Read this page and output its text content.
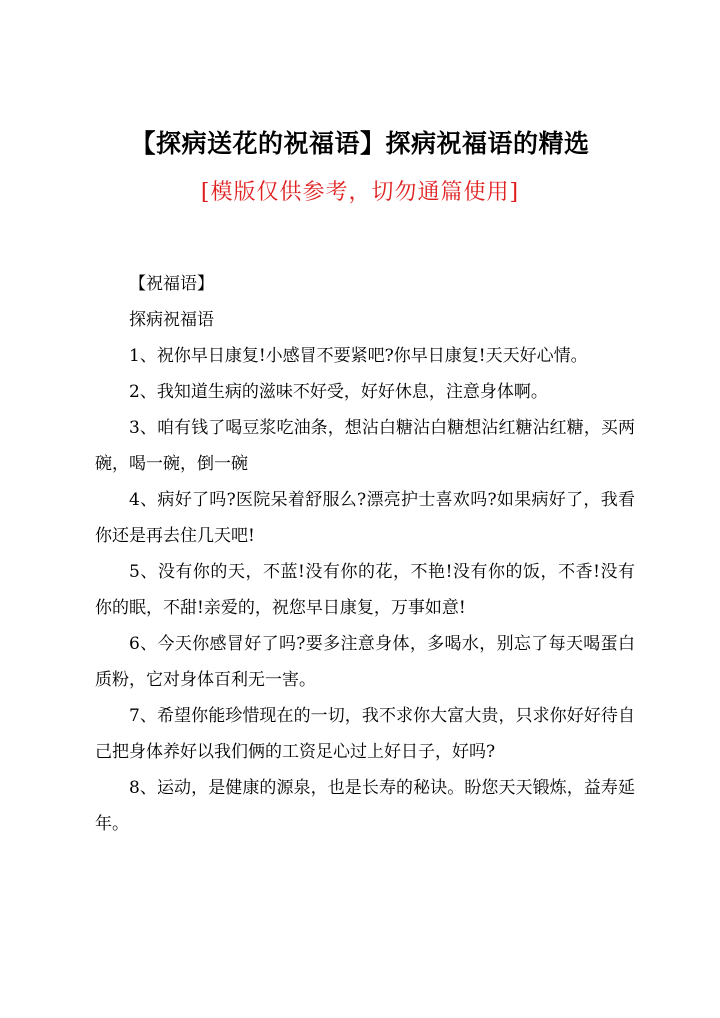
【探病送花的祝福语】探病祝福语的精选
[模版仅供参考，切勿通篇使用]

【祝福语】

探病祝福语

1、祝你早日康复!小感冒不要紧吧?你早日康复!天天好心情。

2、我知道生病的滋味不好受，好好休息，注意身体啊。

3、咱有钱了喝豆浆吃油条，想沾白糖沾白糖想沾红糖沾红糖，买两碗，喝一碗，倒一碗

4、病好了吗?医院呆着舒服么?漂亮护士喜欢吗?如果病好了，我看你还是再去住几天吧!

5、没有你的天，不蓝!没有你的花，不艳!没有你的饭，不香!没有你的眠，不甜!亲爱的，祝您早日康复，万事如意!

6、今天你感冒好了吗?要多注意身体，多喝水，别忘了每天喝蛋白质粉，它对身体百利无一害。

7、希望你能珍惜现在的一切，我不求你大富大贵，只求你好好待自己把身体养好以我们俩的工资足心过上好日子，好吗?

8、运动，是健康的源泉，也是长寿的秘诀。盼您天天锻炼，益寿延年。
